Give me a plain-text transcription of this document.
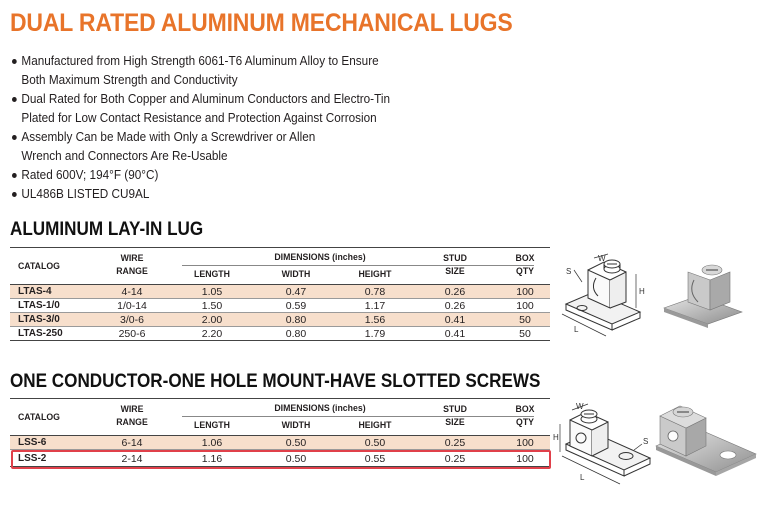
DUAL RATED ALUMINUM MECHANICAL LUGS
Manufactured from High Strength 6061-T6 Aluminum Alloy to Ensure
Both Maximum Strength and Conductivity
Dual Rated for Both Copper and Aluminum Conductors and Electro-Tin
Plated for Low Contact Resistance and Protection Against Corrosion
Assembly Can be Made with Only a Screwdriver or Allen
Wrench and Connectors Are Re-Usable
Rated 600V; 194°F (90°C)
UL486B LISTED CU9AL
ALUMINUM LAY-IN LUG
CATALOG
WIRE
RANGE
DIMENSIONS (inches)
LENGTH	WIDTH	HEIGHT
STUD
SIZE
BOX
QTY
LTAS-4	4-14	1.05	0.47	0.78	0.26	100
LTAS-1/0	1/0-14	1.50	0.59	1.17	0.26	100
LTAS-3/0	3/0-6	2.00	0.80	1.56	0.41	50
LTAS-250	250-6	2.20	0.80	1.79	0.41	50
ONE CONDUCTOR-ONE HOLE MOUNT-HAVE SLOTTED SCREWS
CATALOG
WIRE
RANGE
DIMENSIONS (inches)
LENGTH	WIDTH	HEIGHT
STUD
SIZE
BOX
QTY
LSS-6	6-14	1.06	0.50	0.50	0.25	100
LSS-2	2-14	1.16	0.50	0.55	0.25	100
S
W
H
L
S
W
H
L
